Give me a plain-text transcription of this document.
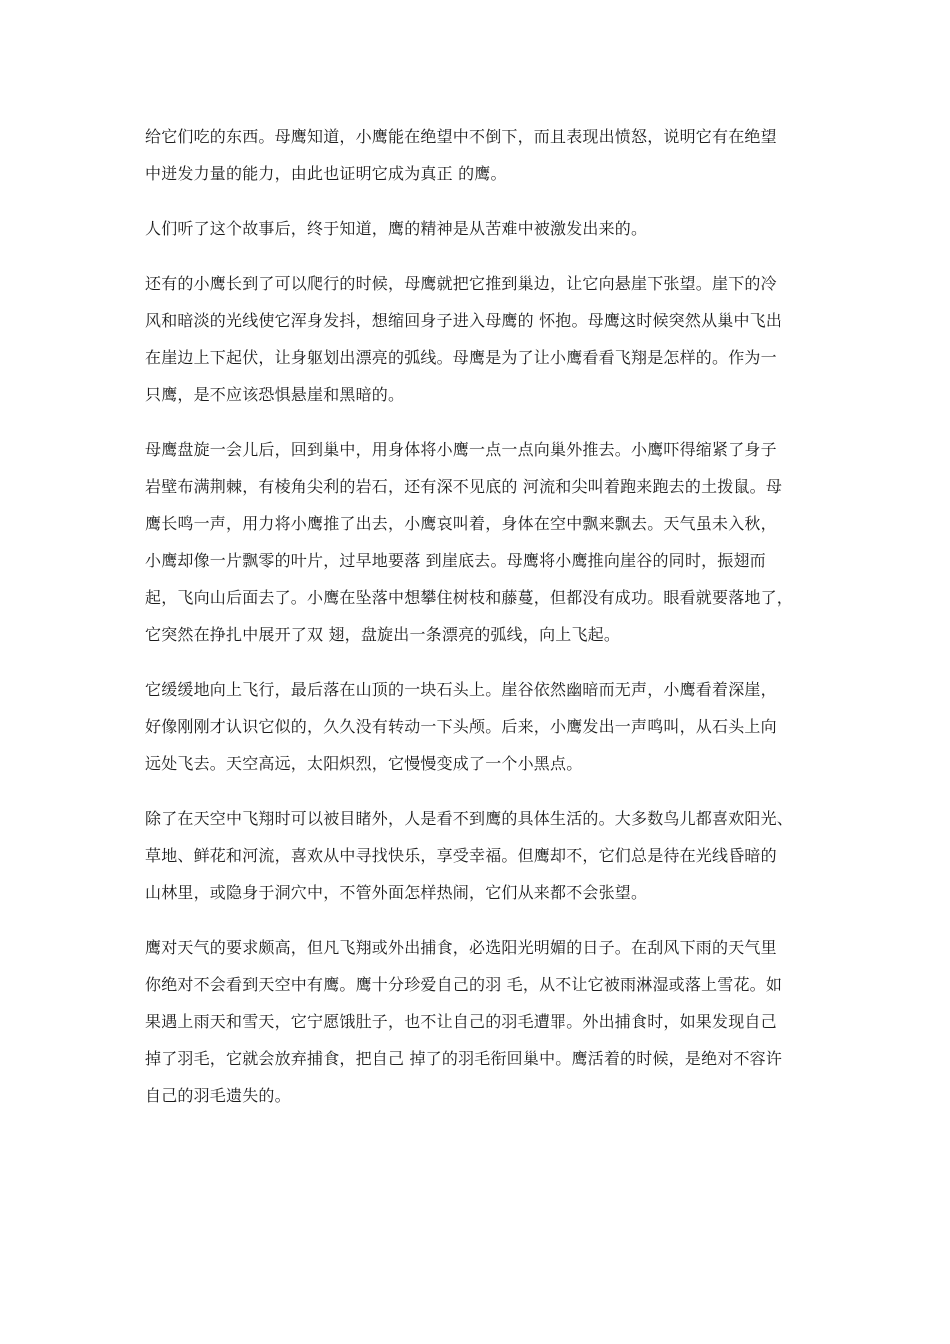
给它们吃的东西。母鹰知道，小鹰能在绝望中不倒下，而且表现出愤怒，说明它有在绝望
中迸发力量的能力，由此也证明它成为真正 的鹰。
人们听了这个故事后，终于知道，鹰的精神是从苦难中被激发出来的。
还有的小鹰长到了可以爬行的时候，母鹰就把它推到巢边，让它向悬崖下张望。崖下的冷
风和暗淡的光线使它浑身发抖，想缩回身子进入母鹰的 怀抱。母鹰这时候突然从巢中飞出
在崖边上下起伏，让身躯划出漂亮的弧线。母鹰是为了让小鹰看看飞翔是怎样的。作为一
只鹰，是不应该恐惧悬崖和黑暗的。
母鹰盘旋一会儿后，回到巢中，用身体将小鹰一点一点向巢外推去。小鹰吓得缩紧了身子
岩壁布满荆棘，有棱角尖利的岩石，还有深不见底的 河流和尖叫着跑来跑去的土拨鼠。母
鹰长鸣一声，用力将小鹰推了出去，小鹰哀叫着，身体在空中飘来飘去。天气虽未入秋，
小鹰却像一片飘零的叶片，过早地要落 到崖底去。母鹰将小鹰推向崖谷的同时，振翅而
起，飞向山后面去了。小鹰在坠落中想攀住树枝和藤蔓，但都没有成功。眼看就要落地了，
它突然在挣扎中展开了双 翅，盘旋出一条漂亮的弧线，向上飞起。
它缓缓地向上飞行，最后落在山顶的一块石头上。崖谷依然幽暗而无声，小鹰看着深崖，
好像刚刚才认识它似的，久久没有转动一下头颅。后来，小鹰发出一声鸣叫，从石头上向
远处飞去。天空高远，太阳炽烈，它慢慢变成了一个小黑点。
除了在天空中飞翔时可以被目睹外，人是看不到鹰的具体生活的。大多数鸟儿都喜欢阳光、
草地、鲜花和河流，喜欢从中寻找快乐，享受幸福。但鹰却不，它们总是待在光线昏暗的
山林里，或隐身于洞穴中，不管外面怎样热闹，它们从来都不会张望。
鹰对天气的要求颇高，但凡飞翔或外出捕食，必选阳光明媚的日子。在刮风下雨的天气里
你绝对不会看到天空中有鹰。鹰十分珍爱自己的羽 毛，从不让它被雨淋湿或落上雪花。如
果遇上雨天和雪天，它宁愿饿肚子，也不让自己的羽毛遭罪。外出捕食时，如果发现自己
掉了羽毛，它就会放弃捕食，把自己 掉了的羽毛衔回巢中。鹰活着的时候，是绝对不容许
自己的羽毛遗失的。
